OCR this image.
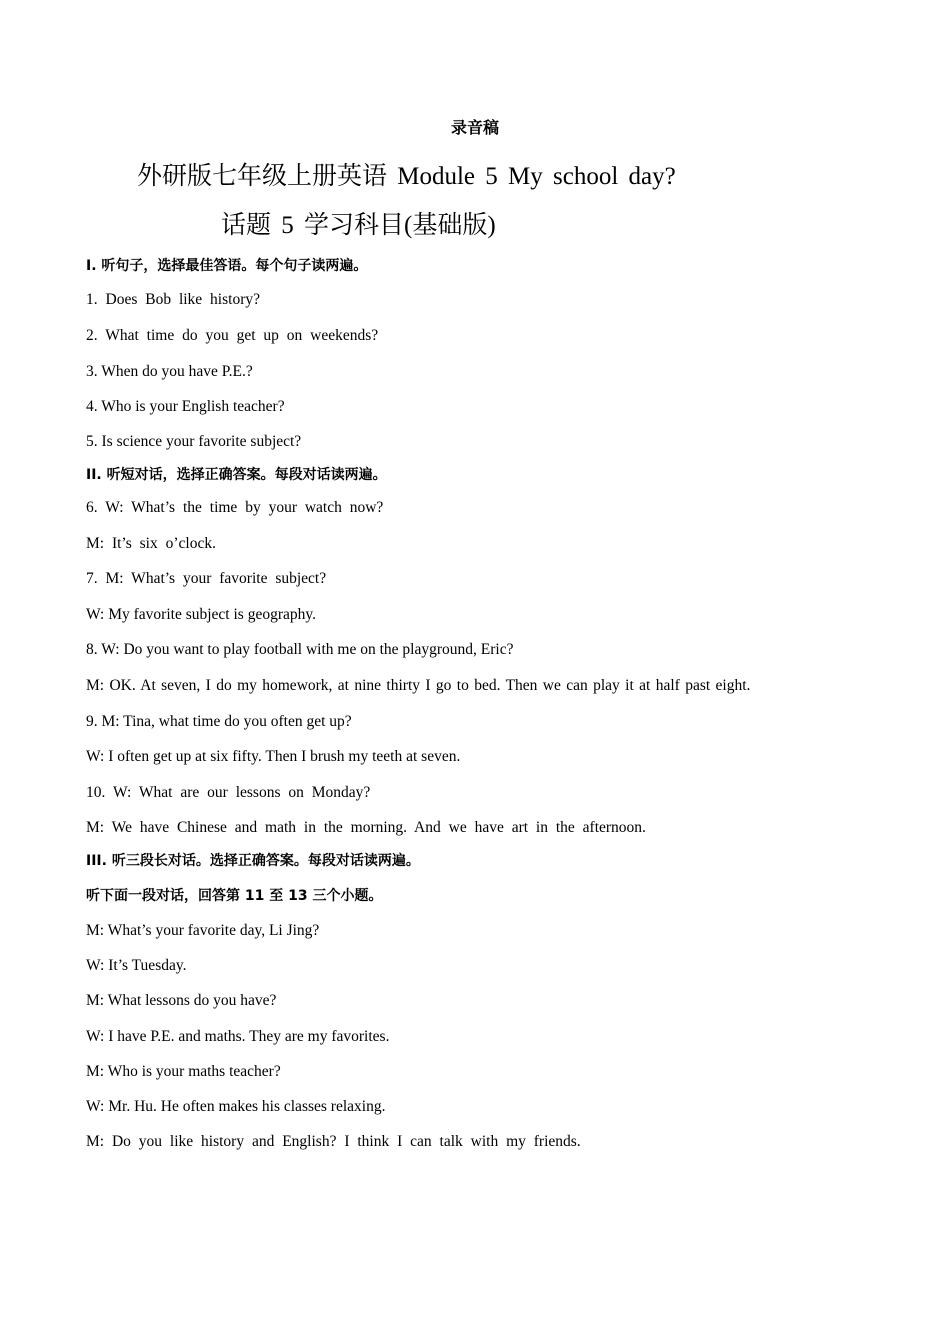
录音稿
外研版七年级上册英语 Module 5 My school day?
话题 5 学习科目(基础版)
Ⅰ. 听句子，选择最佳答语。每个句子读两遍。
1. Does Bob like history?
2. What time do you get up on weekends?
3. When do you have P.E.?
4. Who is your English teacher?
5. Is science your favorite subject?
II. 听短对话，选择正确答案。每段对话读两遍。
6. W: What’s the time by your watch now?
M: It’s six o’clock.
7. M: What’s your favorite subject?
W: My favorite subject is geography.
8. W: Do you want to play football with me on the playground, Eric?
M: OK. At seven, I do my homework, at nine thirty I go to bed. Then we can play it at half past eight.
9. M: Tina, what time do you often get up?
W: I often get up at six fifty. Then I brush my teeth at seven.
10. W: What are our lessons on Monday?
M: We have Chinese and math in the morning. And we have art in the afternoon.
III. 听三段长对话。选择正确答案。每段对话读两遍。
听下面一段对话，回答第 11 至 13 三个小题。
M: What’s your favorite day, Li Jing?
W: It’s Tuesday.
M: What lessons do you have?
W: I have P.E. and maths. They are my favorites.
M: Who is your maths teacher?
W: Mr. Hu. He often makes his classes relaxing.
M: Do you like history and English? I think I can talk with my friends.
